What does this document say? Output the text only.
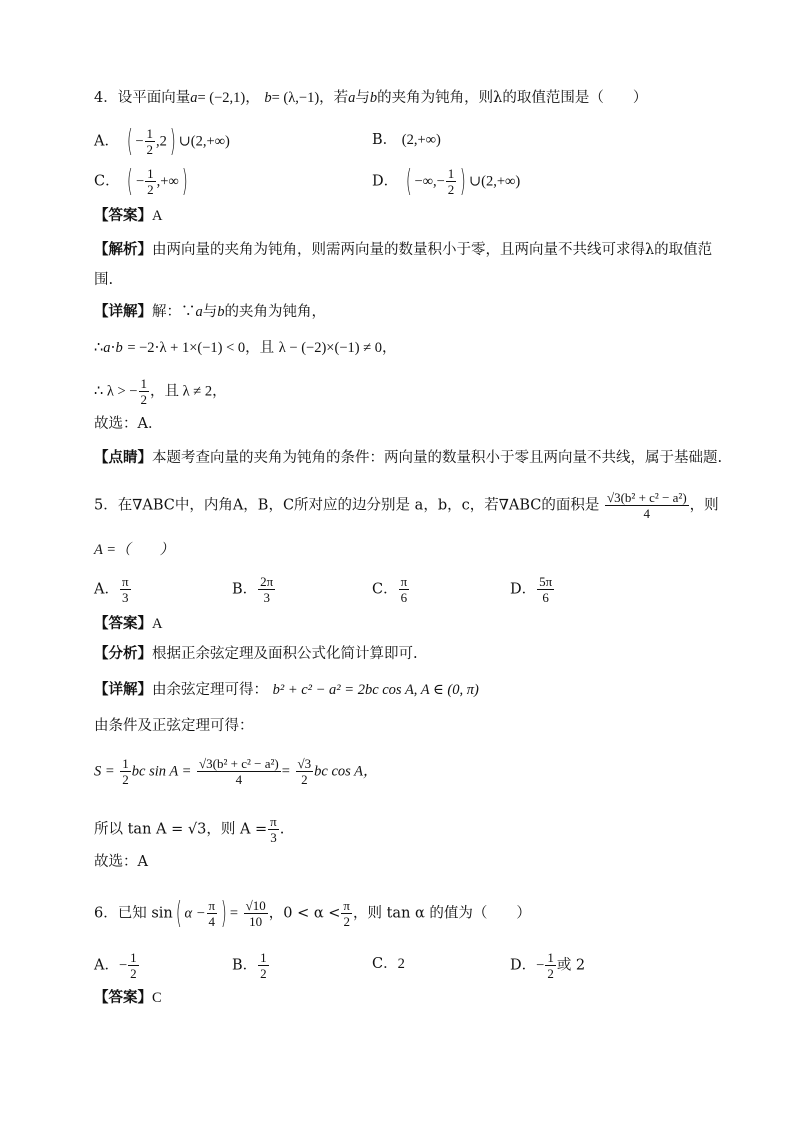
4．设平面向量a= (−2,1)， b= (λ,−1)，若a与b的夹角为钝角，则λ的取值范围是（　　）
A． ( − $\frac{1}{2} ,2$) ∪(2,+∞)	B． (2,+∞)
C． ( − $\frac{1}{2}$ ,+∞)	D． ( −∞,− $\frac{1}{2}$ ) ∪(2,+∞)
【答案】A
【解析】由两向量的夹角为钝角，则需两向量的数量积小于零，且两向量不共线可求得λ的取值范
围.
【详解】解：∵a与b的夹角为钝角，
∴a⋅b = −2⋅λ + 1×(−1) < 0，且 λ − (−2)×(−1) ≠ 0，
∴ λ > − $\frac{1}{2}$ ，且 λ ≠ 2，
故选：A．
【点睛】本题考查向量的夹角为钝角的条件：两向量的数量积小于零且两向量不共线，属于基础题.
5．在∇ABC中，内角A，B，C所对应的边分别是 a，b，c，若∇ABC的面积是 $\frac{\text{√3(b² + c² − a²)}}{4}$ ，则
A =（　　）
A． $\frac{\pi}{3}$	B． $\frac{2\pi}{3}$	C． $\frac{\pi}{6}$	D． $\frac{5\pi}{6}$
【答案】A
【分析】根据正余弦定理及面积公式化简计算即可.
【详解】由余弦定理可得： b² + c² − a² = 2bc cos A, A ∈ (0, π)
由条件及正弦定理可得：
$S = \frac{1}{2}$ bc $\sin A = \frac{\text{√3(b² + c² − a²)}}{4} = \frac{√3}{2}$ bc cos A，
所以 tan A = √3，则 $A = \frac{\pi}{3}$ .
故选：A
6．已知 sin( $\alpha - \frac{\pi}{4}$ ) = $\frac{√10}{10}$ ，$0 < \alpha < \frac{\pi}{2}$ ，则 tan α 的值为（　　）
A．− $\frac{1}{2}$	B． $\frac{1}{2}$	C．2	D．− $\frac{1}{2}$ 或 2
【答案】C
